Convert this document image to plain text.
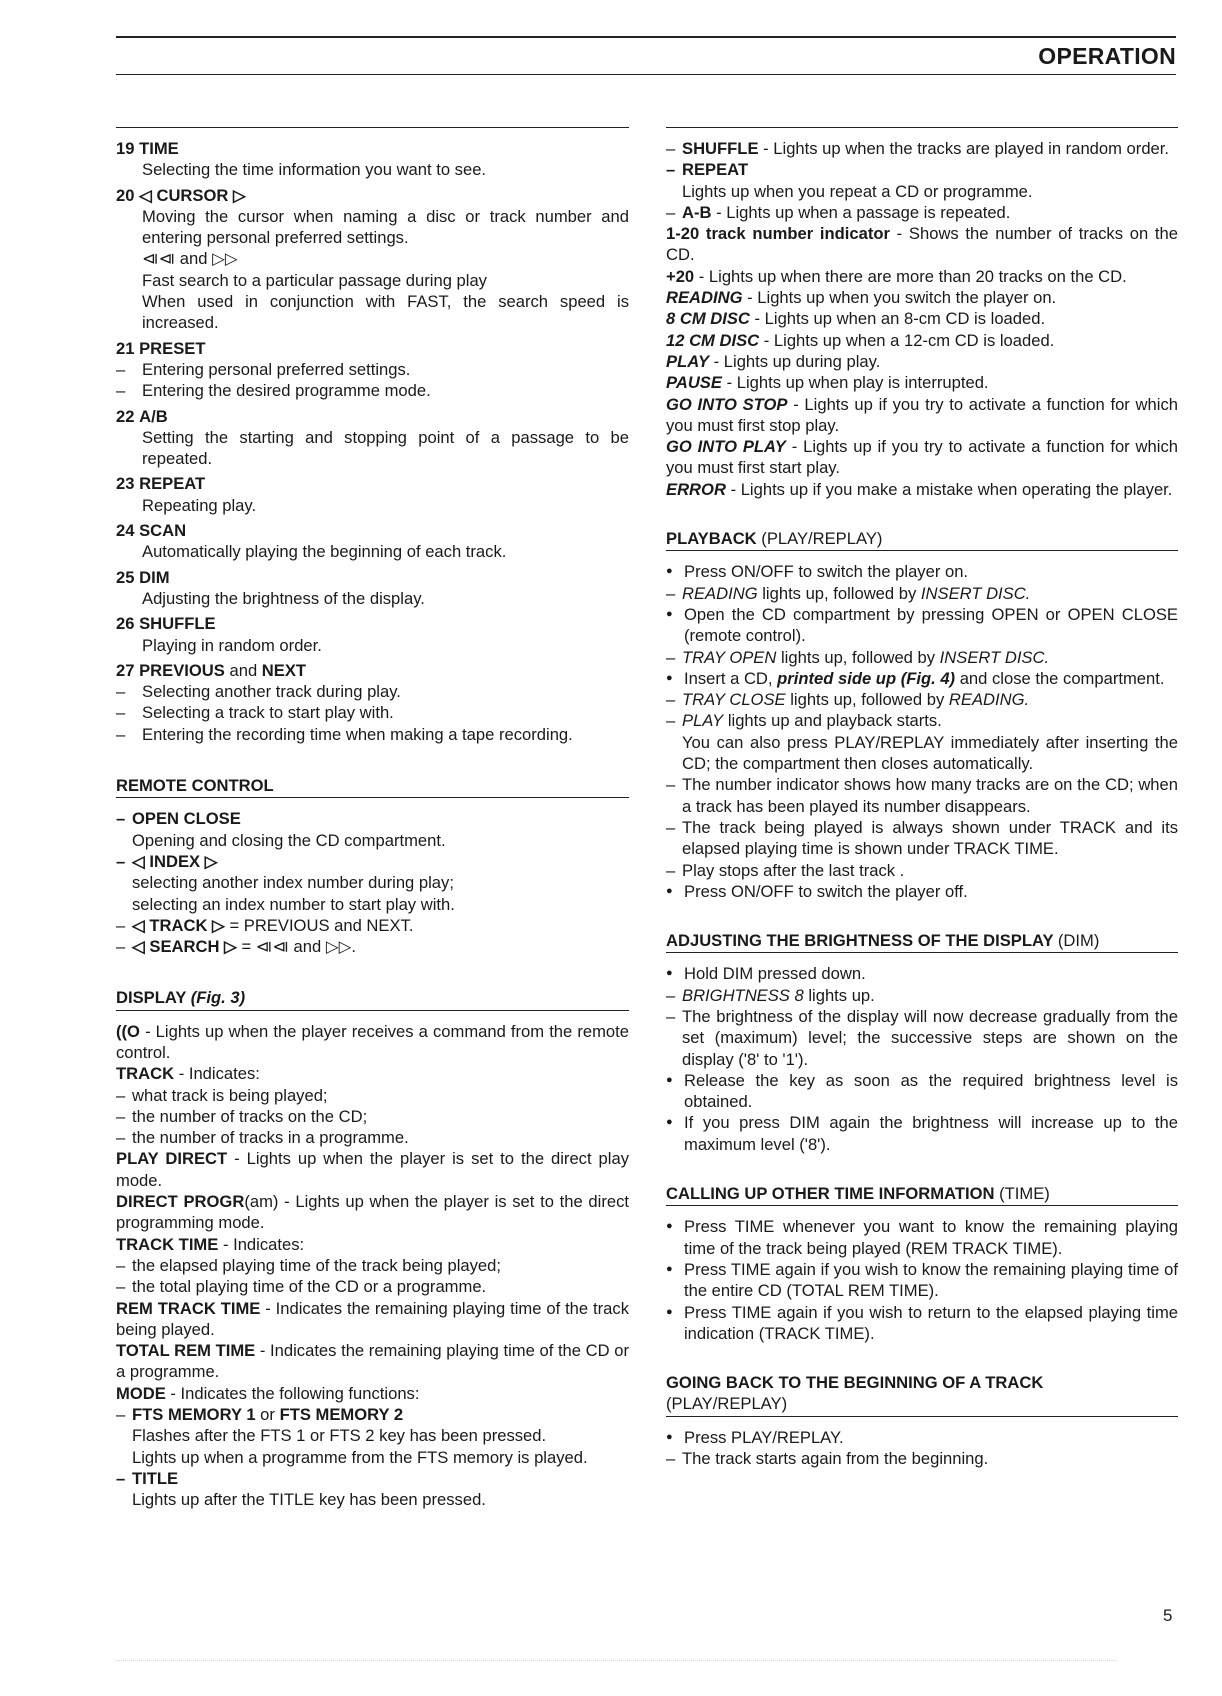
OPERATION
19 TIME
Selecting the time information you want to see.
20 ◁ CURSOR ▷
Moving the cursor when naming a disc or track number and entering personal preferred settings.
⧏⧏ and ▷▷
Fast search to a particular passage during play
When used in conjunction with FAST, the search speed is increased.
21 PRESET
– Entering personal preferred settings.
– Entering the desired programme mode.
22 A/B
Setting the starting and stopping point of a passage to be repeated.
23 REPEAT
Repeating play.
24 SCAN
Automatically playing the beginning of each track.
25 DIM
Adjusting the brightness of the display.
26 SHUFFLE
Playing in random order.
27 PREVIOUS and NEXT
– Selecting another track during play.
– Selecting a track to start play with.
– Entering the recording time when making a tape recording.
REMOTE CONTROL
– OPEN CLOSE
Opening and closing the CD compartment.
– ◁ INDEX ▷
selecting another index number during play;
selecting an index number to start play with.
– ◁ TRACK ▷ = PREVIOUS and NEXT.
– ◁ SEARCH ▷ = ⧏⧏ and ▷▷.
DISPLAY (Fig. 3)
((O - Lights up when the player receives a command from the remote control.
TRACK - Indicates:
– what track is being played;
– the number of tracks on the CD;
– the number of tracks in a programme.
PLAY DIRECT - Lights up when the player is set to the direct play mode.
DIRECT PROGR(am) - Lights up when the player is set to the direct programming mode.
TRACK TIME - Indicates:
– the elapsed playing time of the track being played;
– the total playing time of the CD or a programme.
REM TRACK TIME - Indicates the remaining playing time of the track being played.
TOTAL REM TIME - Indicates the remaining playing time of the CD or a programme.
MODE - Indicates the following functions:
– FTS MEMORY 1 or FTS MEMORY 2
Flashes after the FTS 1 or FTS 2 key has been pressed.
Lights up when a programme from the FTS memory is played.
– TITLE
Lights up after the TITLE key has been pressed.
– SHUFFLE - Lights up when the tracks are played in random order.
– REPEAT
Lights up when you repeat a CD or programme.
– A-B - Lights up when a passage is repeated.
1-20 track number indicator - Shows the number of tracks on the CD.
+20 - Lights up when there are more than 20 tracks on the CD.
READING - Lights up when you switch the player on.
8 CM DISC - Lights up when an 8-cm CD is loaded.
12 CM DISC - Lights up when a 12-cm CD is loaded.
PLAY - Lights up during play.
PAUSE - Lights up when play is interrupted.
GO INTO STOP - Lights up if you try to activate a function for which you must first stop play.
GO INTO PLAY - Lights up if you try to activate a function for which you must first start play.
ERROR - Lights up if you make a mistake when operating the player.
PLAYBACK (PLAY/REPLAY)
● Press ON/OFF to switch the player on.
– READING lights up, followed by INSERT DISC.
● Open the CD compartment by pressing OPEN or OPEN CLOSE (remote control).
– TRAY OPEN lights up, followed by INSERT DISC.
● Insert a CD, printed side up (Fig. 4) and close the compartment.
– TRAY CLOSE lights up, followed by READING.
– PLAY lights up and playback starts.
You can also press PLAY/REPLAY immediately after inserting the CD; the compartment then closes automatically.
– The number indicator shows how many tracks are on the CD; when a track has been played its number disappears.
– The track being played is always shown under TRACK and its elapsed playing time is shown under TRACK TIME.
– Play stops after the last track .
● Press ON/OFF to switch the player off.
ADJUSTING THE BRIGHTNESS OF THE DISPLAY (DIM)
● Hold DIM pressed down.
– BRIGHTNESS 8 lights up.
– The brightness of the display will now decrease gradually from the set (maximum) level; the successive steps are shown on the display ('8' to '1').
● Release the key as soon as the required brightness level is obtained.
● If you press DIM again the brightness will increase up to the maximum level ('8').
CALLING UP OTHER TIME INFORMATION (TIME)
● Press TIME whenever you want to know the remaining playing time of the track being played (REM TRACK TIME).
● Press TIME again if you wish to know the remaining playing time of the entire CD (TOTAL REM TIME).
● Press TIME again if you wish to return to the elapsed playing time indication (TRACK TIME).
GOING BACK TO THE BEGINNING OF A TRACK
(PLAY/REPLAY)
● Press PLAY/REPLAY.
– The track starts again from the beginning.
5
